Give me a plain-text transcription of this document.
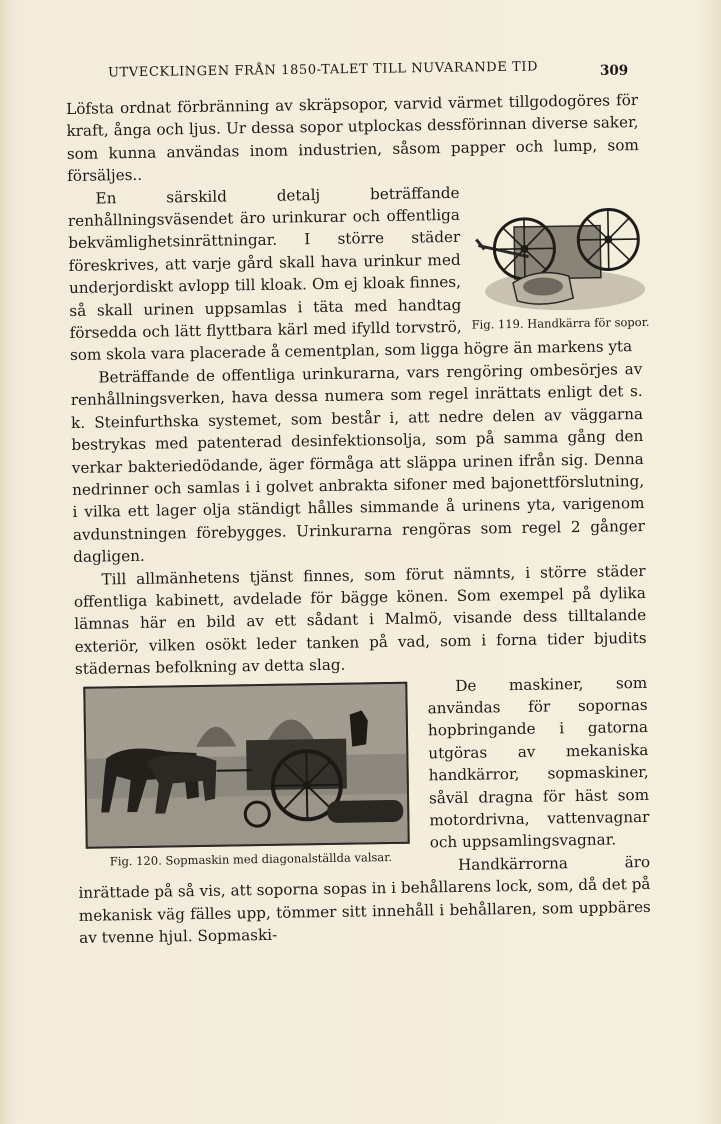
UTVECKLINGEN FRÅN 1850-TALET TILL NUVARANDE TID	309

Löfsta ordnat förbränning av skräpsopor, varvid värmet tillgodogöres för kraft, ånga och ljus. Ur dessa sopor utplockas dessförinnan diverse saker, som kunna användas inom industrien, såsom papper och lump, som försäljes..

Fig. 119. Handkärra för sopor.

En särskild detalj beträffande renhållningsväsendet äro urinkurar och offentliga bekvämlighetsinrättningar. I större städer föreskrives, att varje gård skall hava urinkur med underjordiskt avlopp till kloak. Om ej kloak finnes, så skall urinen uppsamlas i täta med handtag försedda och lätt flyttbara kärl med ifylld torvströ, som skola vara placerade å cementplan, som ligga högre än markens yta

Beträffande de offentliga urinkurarna, vars rengöring ombesörjes av renhållningsverken, hava dessa numera som regel inrättats enligt det s. k. Steinfurthska systemet, som består i, att nedre delen av väggarna bestrykas med patenterad desinfektionsolja, som på samma gång den verkar bakteriedödande, äger förmåga att släppa urinen ifrån sig. Denna nedrinner och samlas i i golvet anbrakta sifoner med bajonettförslutning, i vilka ett lager olja ständigt hålles simmande å urinens yta, varigenom avdunstningen förebygges. Urinkurarna rengöras som regel 2 gånger dagligen.

Till allmänhetens tjänst finnes, som förut nämnts, i större städer offentliga kabinett, avdelade för bägge könen. Som exempel på dylika lämnas här en bild av ett sådant i Malmö, visande dess tilltalande exteriör, vilken osökt leder tanken på vad, som i forna tider bjudits städernas befolkning av detta slag.

Fig. 120. Sopmaskin med diagonalställda valsar.

De maskiner, som användas för sopornas hopbringande i gatorna utgöras av mekaniska handkärror, sopmaskiner, såväl dragna för häst som motordrivna, vattenvagnar och uppsamlingsvagnar.

Handkärrorna äro inrättade på så vis, att soporna sopas in i behållarens lock, som, då det på mekanisk väg fälles upp, tömmer sitt innehåll i behållaren, som uppbäres av tvenne hjul. Sopmaski-
